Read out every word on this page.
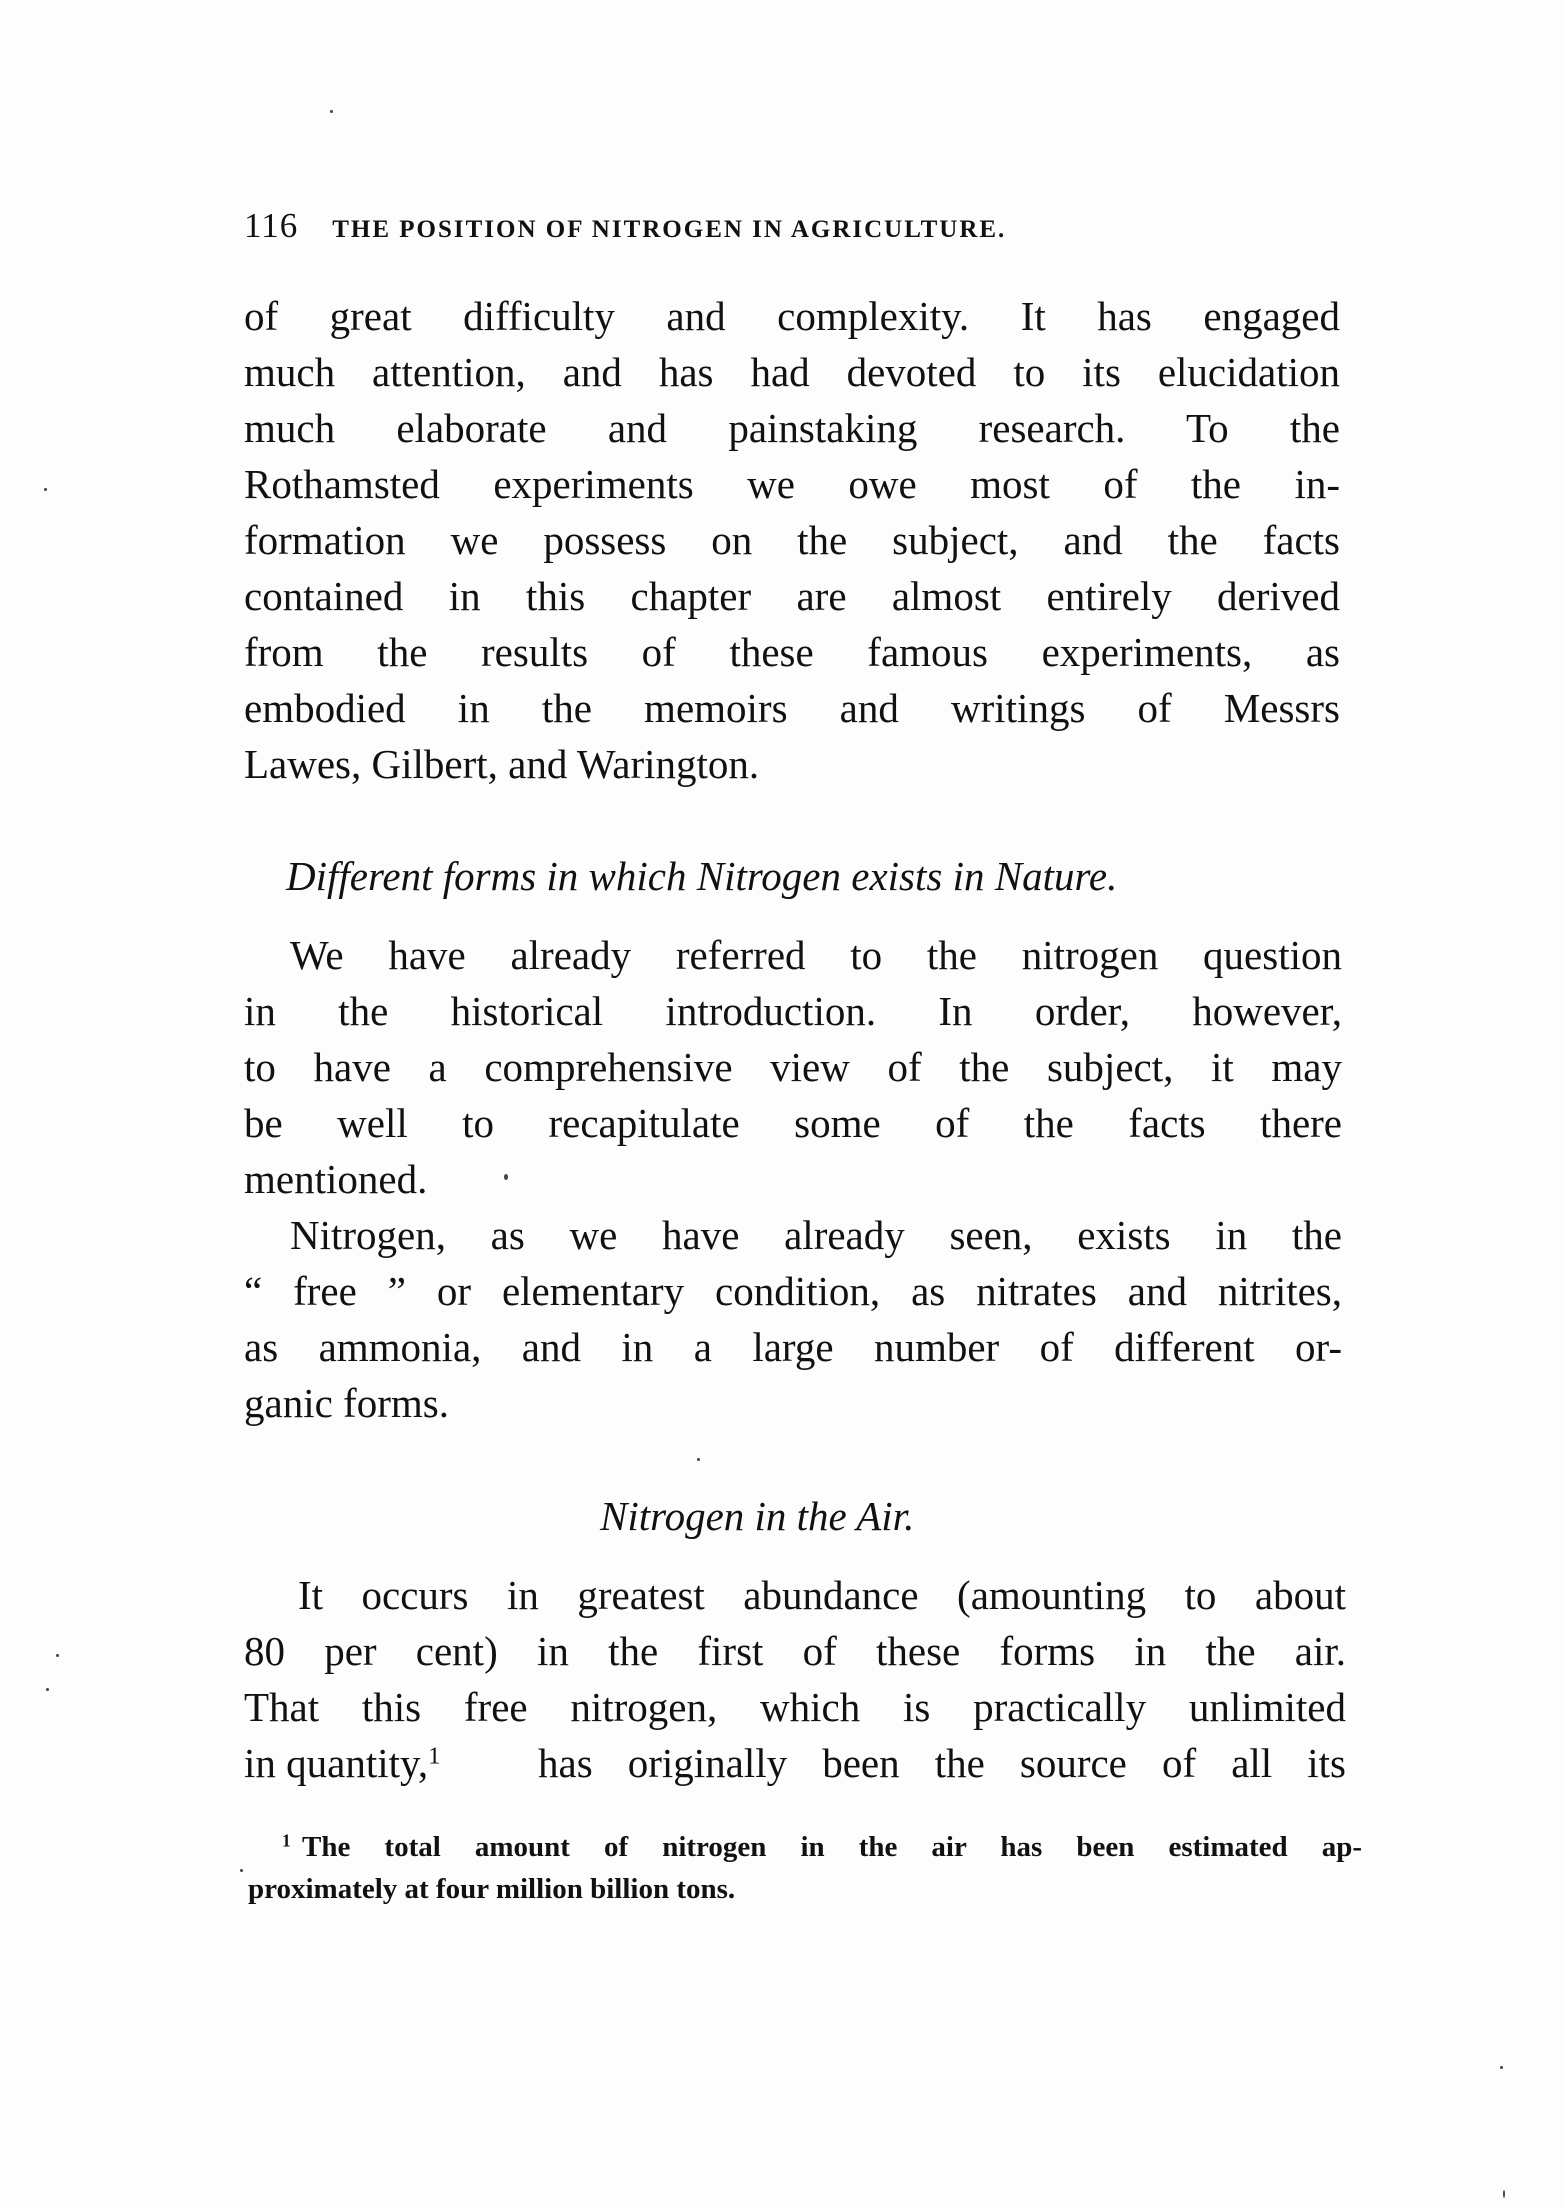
116 THE POSITION OF NITROGEN IN AGRICULTURE.
of great difficulty and complexity. It has engaged
much attention, and has had devoted to its elucidation
much elaborate and painstaking research. To the
Rothamsted experiments we owe most of the in-
formation we possess on the subject, and the facts
contained in this chapter are almost entirely derived
from the results of these famous experiments, as
embodied in the memoirs and writings of Messrs
Lawes, Gilbert, and Warington.
Different forms in which Nitrogen exists in Nature.
We have already referred to the nitrogen question
in the historical introduction. In order, however,
to have a comprehensive view of the subject, it may
be well to recapitulate some of the facts there
mentioned.
Nitrogen, as we have already seen, exists in the
“ free ” or elementary condition, as nitrates and nitrites,
as ammonia, and in a large number of different or-
ganic forms.
Nitrogen in the Air.
It occurs in greatest abundance (amounting to about
80 per cent) in the first of these forms in the air.
That this free nitrogen, which is practically unlimited
in quantity,$^1$ has originally been the source of all its
$^1$ The total amount of nitrogen in the air has been estimated ap-
proximately at four million billion tons.
